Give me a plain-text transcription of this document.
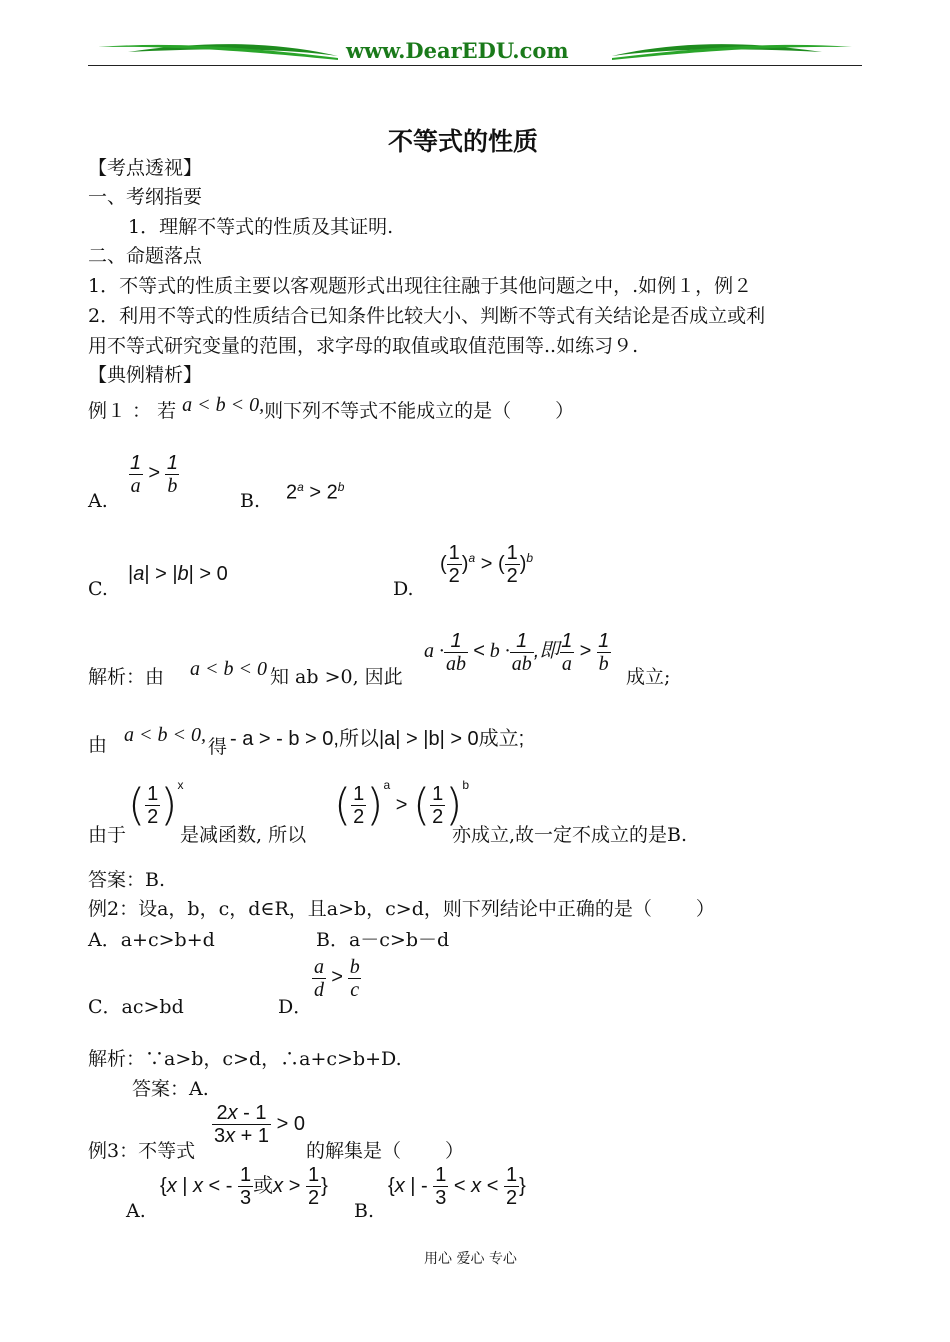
www.DearEDU.com
不等式的性质
【考点透视】
一、考纲指要
1．理解不等式的性质及其证明.
二、命题落点
1．不等式的性质主要以客观题形式出现往往融于其他问题之中，.如例１，例２
2．利用不等式的性质结合已知条件比较大小、判断不等式有关结论是否成立或利
用不等式研究变量的范围，求字母的取值或取值范围等..如练习９.
【典例精析】
例１ ： 若 a < b < 0,则下列不等式不能成立的是（　　 ）
A.
$\frac{1}{a} > \frac{1}{b}$
B. $2^a > 2^b$
C.
|a| > |b| > 0
D.
( $\frac{1}{2} )^a$ > ( $\frac{1}{2} )^b$
解析：由 a < b < 0 知 ab >0, 因此
$a \cdot \frac{1}{ab} < b \cdot \frac{1}{ab}$ ,即 $\frac{1}{a} > \frac{1}{b}$
成立;
由 a < b < 0,
得 - a > - b > 0,所以|a| > |b| > 0成立;
由于
( $\frac{1}{2} )^x$
是减函数, 所以
( $\frac{1}{2} )^a$ > ( $\frac{1}{2} )^b$
亦成立,故一定不成立的是B.
答案：B.
例2：设a，b，c，d∈R，且a>b，c>d，则下列结论中正确的是（　　 ）
A．a+c>b+d	B．a－c>b－d
C．ac>bd	D．
$\frac{a}{d} > \frac{b}{c}$
解析：∵a>b，c>d，∴a+c>b+D.
答案：A.
例3：不等式
$\frac{2x - 1}{3x + 1} > 0$
的解集是（　　 ）
A.
{x | x < - $\frac{1}{3}$ 或$x > \frac{1}{2}$ }
B.
{x | - $\frac{1}{3} < x < \frac{1}{2}$ }
用心 爱心 专心
